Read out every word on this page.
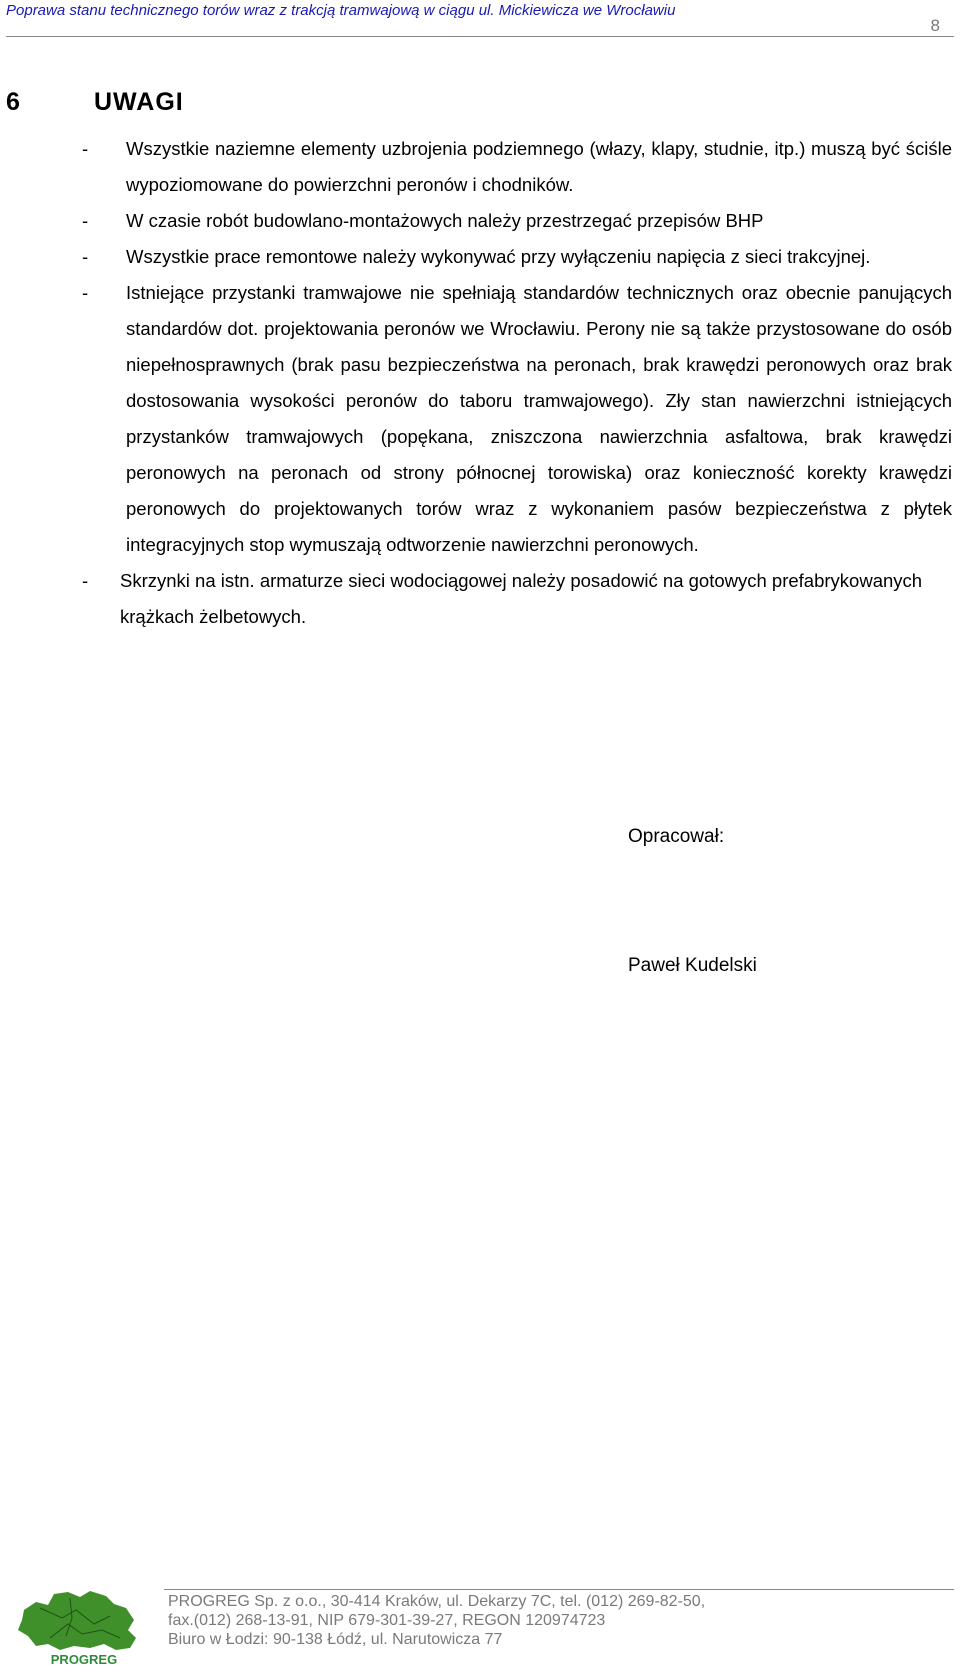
Poprawa stanu technicznego torów wraz z trakcją tramwajową w ciągu ul. Mickiewicza we Wrocławiu
8
6	UWAGI

- Wszystkie naziemne elementy uzbrojenia podziemnego (włazy, klapy, studnie, itp.) muszą być ściśle wypoziomowane do powierzchni peronów i chodników.

- W czasie robót budowlano-montażowych należy przestrzegać przepisów BHP

- Wszystkie prace remontowe należy wykonywać przy wyłączeniu napięcia z sieci trakcyjnej.

- Istniejące przystanki tramwajowe nie spełniają standardów technicznych oraz obecnie panujących standardów dot. projektowania peronów we Wrocławiu. Perony nie są także przystosowane do osób niepełnosprawnych (brak pasu bezpieczeństwa na peronach, brak krawędzi peronowych oraz brak dostosowania wysokości peronów do taboru tramwajowego). Zły stan nawierzchni istniejących przystanków tramwajowych (popękana, zniszczona nawierzchnia asfaltowa, brak krawędzi peronowych na peronach od strony północnej torowiska) oraz konieczność korekty krawędzi peronowych do projektowanych torów wraz z wykonaniem pasów bezpieczeństwa z płytek integracyjnych stop wymuszają odtworzenie nawierzchni peronowych.

- Skrzynki na istn. armaturze sieci wodociągowej należy posadowić na gotowych prefabrykowanych krążkach żelbetowych.

Opracował:
Paweł Kudelski
PROGREG
PROGREG Sp. z o.o., 30-414 Kraków, ul. Dekarzy 7C, tel. (012) 269-82-50,
fax.(012) 268-13-91, NIP 679-301-39-27, REGON 120974723
Biuro w Łodzi: 90-138 Łódź, ul. Narutowicza 77
